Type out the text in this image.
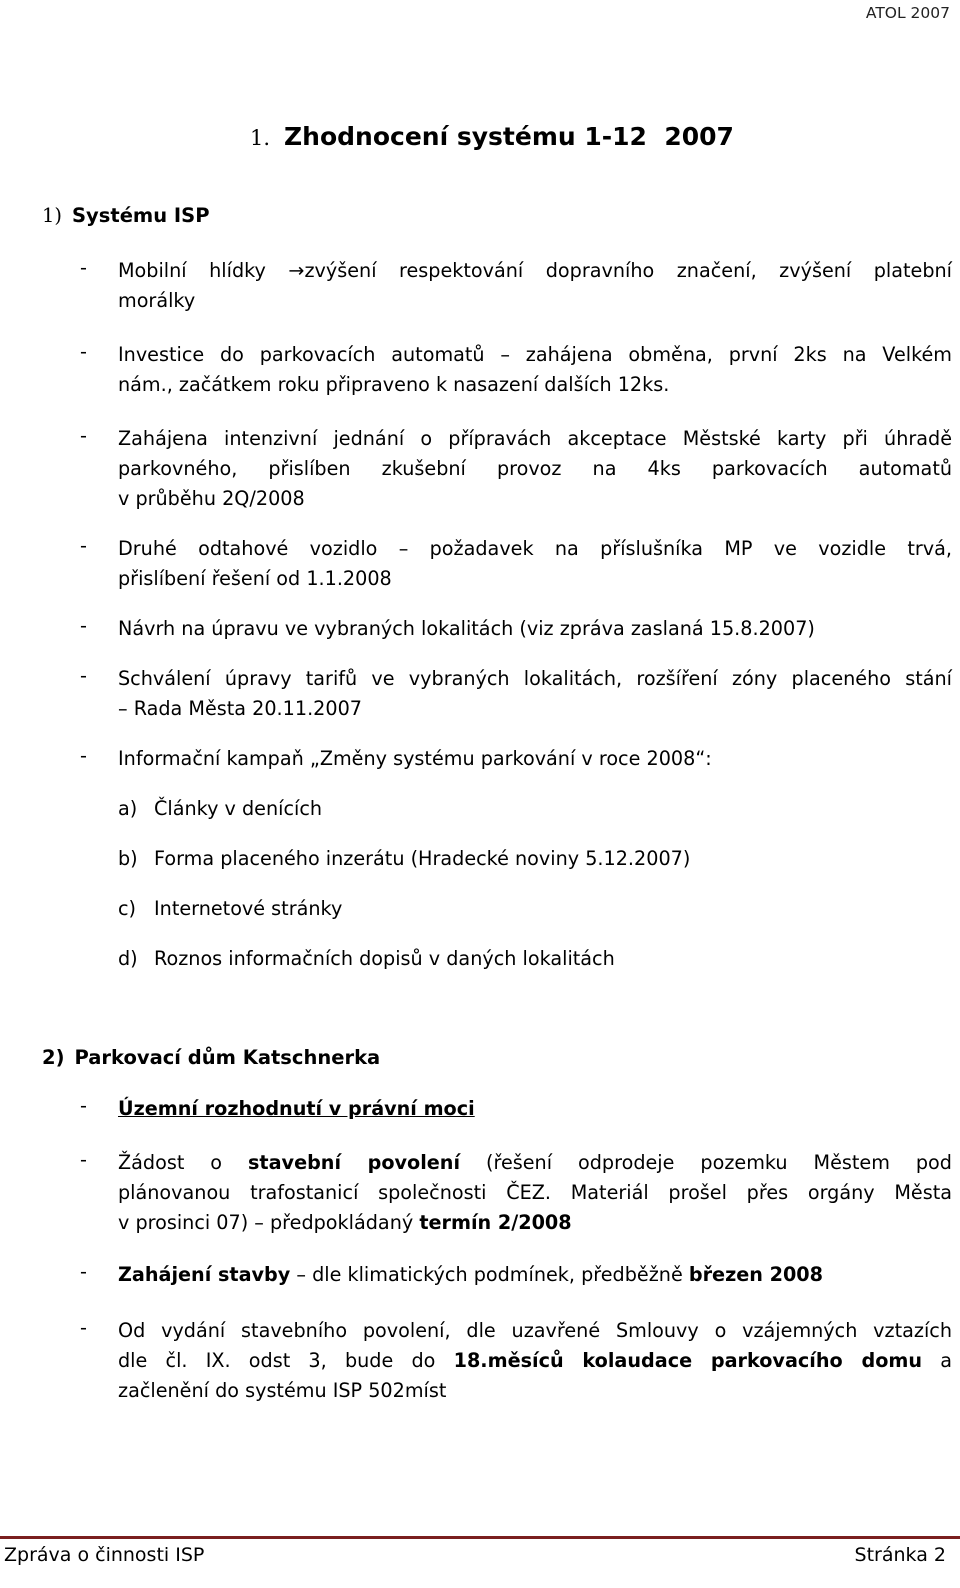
ATOL 2007
1. Zhodnocení systému 1-12  2007
1) Systému ISP
- Mobilní hlídky →zvýšení respektování dopravního značení, zvýšení platební
morálky
- Investice do parkovacích automatů – zahájena obměna, první 2ks na Velkém
nám., začátkem roku připraveno k nasazení dalších 12ks.
- Zahájena intenzivní jednání o přípravách akceptace Městské karty při úhradě
parkovného, přislíben zkušební provoz na 4ks parkovacích automatů
v průběhu 2Q/2008
- Druhé odtahové vozidlo – požadavek na příslušníka MP ve vozidle trvá,
přislíbení řešení od 1.1.2008
- Návrh na úpravu ve vybraných lokalitách (viz zpráva zaslaná 15.8.2007)
- Schválení úpravy tarifů ve vybraných lokalitách, rozšíření zóny placeného stání
– Rada Města 20.11.2007
- Informační kampaň „Změny systému parkování v roce 2008“:
a) Články v denících
b) Forma placeného inzerátu (Hradecké noviny 5.12.2007)
c) Internetové stránky
d) Roznos informačních dopisů v daných lokalitách
2) Parkovací dům Katschnerka
- Územní rozhodnutí v právní moci
- Žádost o stavební povolení (řešení odprodeje pozemku Městem pod
plánovanou trafostanicí společnosti ČEZ. Materiál prošel přes orgány Města
v prosinci 07) – předpokládaný termín 2/2008
- Zahájení stavby – dle klimatických podmínek, předběžně březen 2008
- Od vydání stavebního povolení, dle uzavřené Smlouvy o vzájemných vztazích
dle čl. IX. odst 3, bude do 18.měsíců kolaudace parkovacího domu a
začlenění do systému ISP 502míst
Zpráva o činnosti ISP	Stránka 2
